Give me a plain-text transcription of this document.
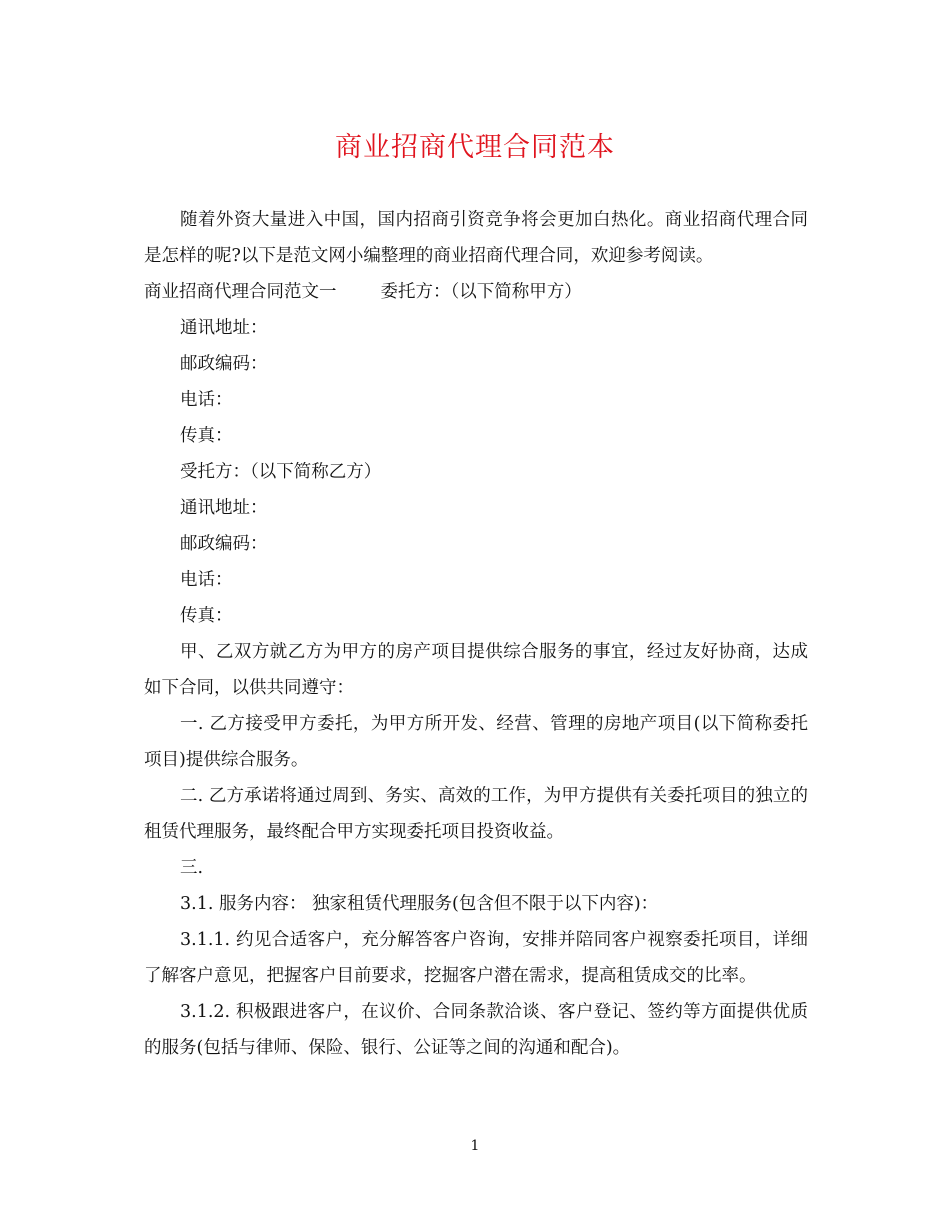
商业招商代理合同范本

随着外资大量进入中国，国内招商引资竞争将会更加白热化。商业招商代理合同是怎样的呢?以下是范文网小编整理的商业招商代理合同，欢迎参考阅读。

商业招商代理合同范文一	委托方：（以下简称甲方）

通讯地址：

邮政编码：

电话：

传真：

受托方：（以下简称乙方）

通讯地址：

邮政编码：

电话：

传真：

甲、乙双方就乙方为甲方的房产项目提供综合服务的事宜，经过友好协商，达成如下合同，以供共同遵守：

一. 乙方接受甲方委托，为甲方所开发、经营、管理的房地产项目(以下简称委托项目)提供综合服务。

二. 乙方承诺将通过周到、务实、高效的工作，为甲方提供有关委托项目的独立的租赁代理服务，最终配合甲方实现委托项目投资收益。

三.

3.1. 服务内容： 独家租赁代理服务(包含但不限于以下内容)：

3.1.1. 约见合适客户，充分解答客户咨询，安排并陪同客户视察委托项目，详细了解客户意见，把握客户目前要求，挖掘客户潜在需求，提高租赁成交的比率。

3.1.2. 积极跟进客户，在议价、合同条款洽谈、客户登记、签约等方面提供优质的服务(包括与律师、保险、银行、公证等之间的沟通和配合)。

1
